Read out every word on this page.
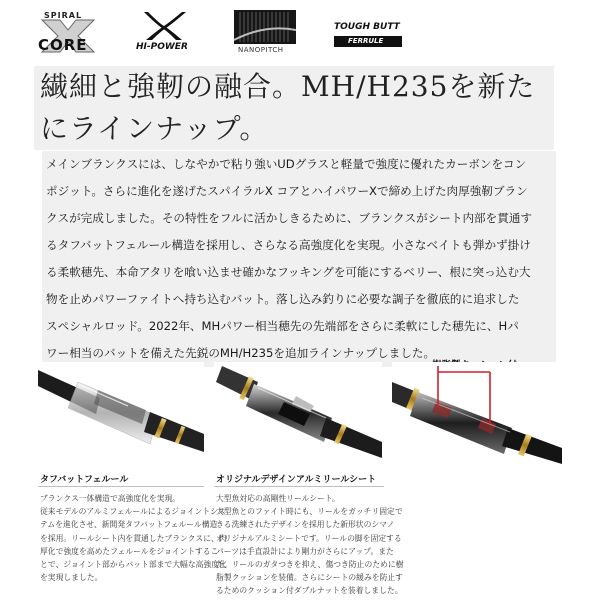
SPIRAL
CORE	HI-POWER	NANOPITCH
TOUGH BUTT
FERRULE
繊細と強靭の融合。MH/H235を新た
にラインナップ。
メインブランクスには、しなやかで粘り強いUDグラスと軽量で強度に優れたカーボンをコン
ポジット。さらに進化を遂げたスパイラルX コアとハイパワーXで締め上げた肉厚強靭ブラン
クスが完成しました。その特性をフルに活かしきるために、ブランクスがシート内部を貫通す
るタフバットフェルール構造を採用し、さらなる高強度化を実現。小さなベイトも弾かず掛け
る柔軟穂先、本命アタリを喰い込ませ確かなフッキングを可能にするベリー、根に突っ込む大
物を止めパワーファイトへ持ち込むバット。落し込み釣りに必要な調子を徹底的に追求した
スペシャルロッド。2022年、MHパワー相当穂先の先端部をさらに柔軟にした穂先に、Hパ
ワー相当のバットを備えた先鋭のMH/H235を追加ラインナップしました。
タフバットフェルール
ブランクス一体構造で高強度化を実現。
従来モデルのアルミフェルールによるジョイントシス
テムを進化させ、新開発タフバットフェルール構造
を採用。リールシート内を貫通したブランクスに、肉
厚化で強度を高めたフェルールをジョイントするこ
とで、ジョイント部からバット部まで大幅な高強度化
を実現しました。
オリジナルデザインアルミリールシート
大型魚対応の高剛性リールシート。
大型魚とのファイト時にも、リールをガッチリ固定で
きる洗練されたデザインを採用した新形状のシマノ
オリジナルアルミシートです。リールの脚を固定する
パーツは手直設計により剛力がさらにアップ。また
た、リールのガタつきを抑え、傷つき防止のために樹
脂製クッションを装備。さらにシートの緩みを防止す
るためのクッション付ダブルナットを装着しました。
